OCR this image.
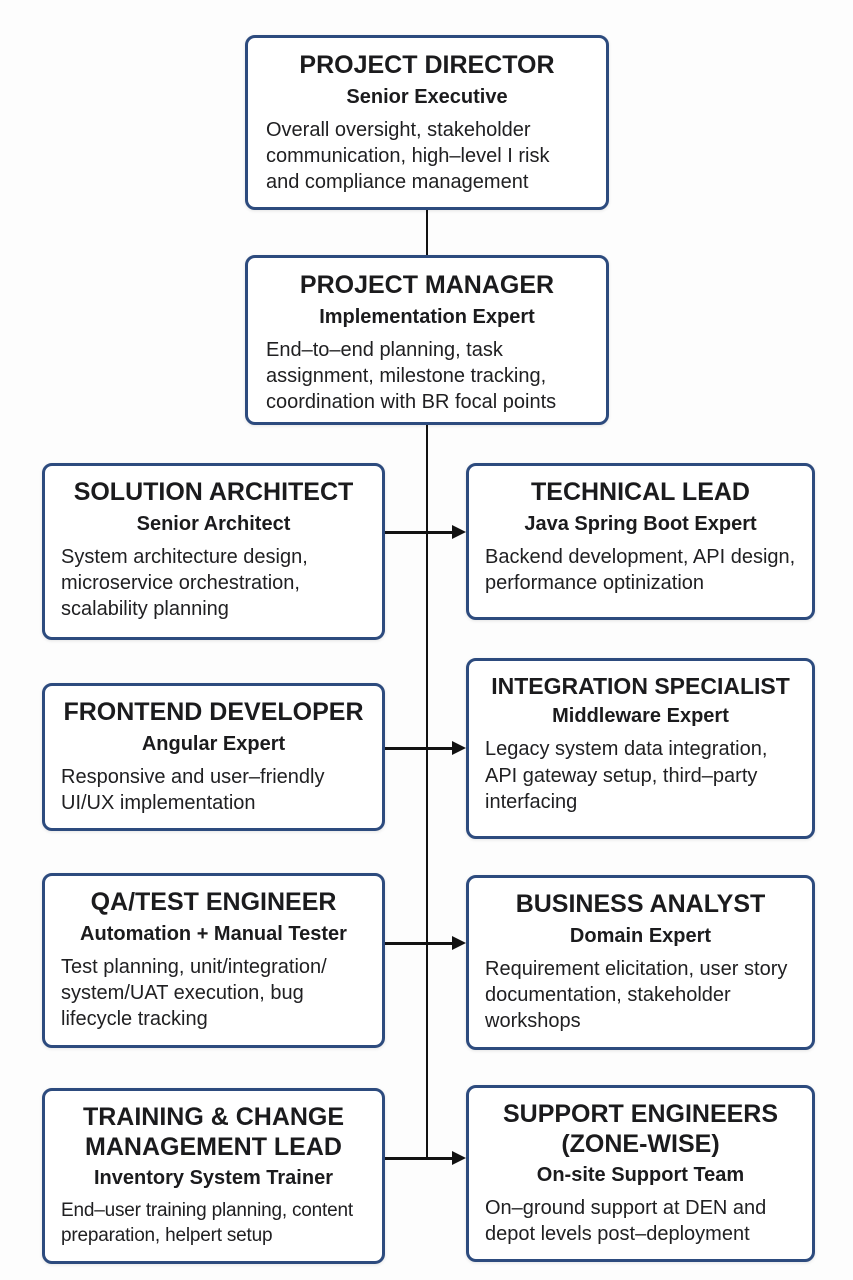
PROJECT DIRECTOR
Senior Executive
Overall oversight, stakeholder communication, high–level I risk and compliance management
PROJECT MANAGER
Implementation Expert
End–to–end planning, task assignment, milestone tracking, coordination with BR focal points
SOLUTION ARCHITECT
Senior Architect
System architecture design, microservice orchestration, scalability planning
TECHNICAL LEAD
Java Spring Boot Expert
Backend development, API design, performance optinization
FRONTEND DEVELOPER
Angular Expert
Responsive and user–friendly UI/UX implementation
INTEGRATION SPECIALIST
Middleware Expert
Legacy system data integration, API gateway setup, third–party interfacing
QA/TEST ENGINEER
Automation + Manual Tester
Test planning, unit/integration/ system/UAT execution, bug lifecycle tracking
BUSINESS ANALYST
Domain Expert
Requirement elicitation, user story documentation, stakeholder workshops
TRAINING & CHANGE MANAGEMENT LEAD
Inventory System Trainer
End–user training planning, content preparation, helpert setup
SUPPORT ENGINEERS (ZONE-WISE)
On-site Support Team
On–ground support at DEN and depot levels post–deployment
